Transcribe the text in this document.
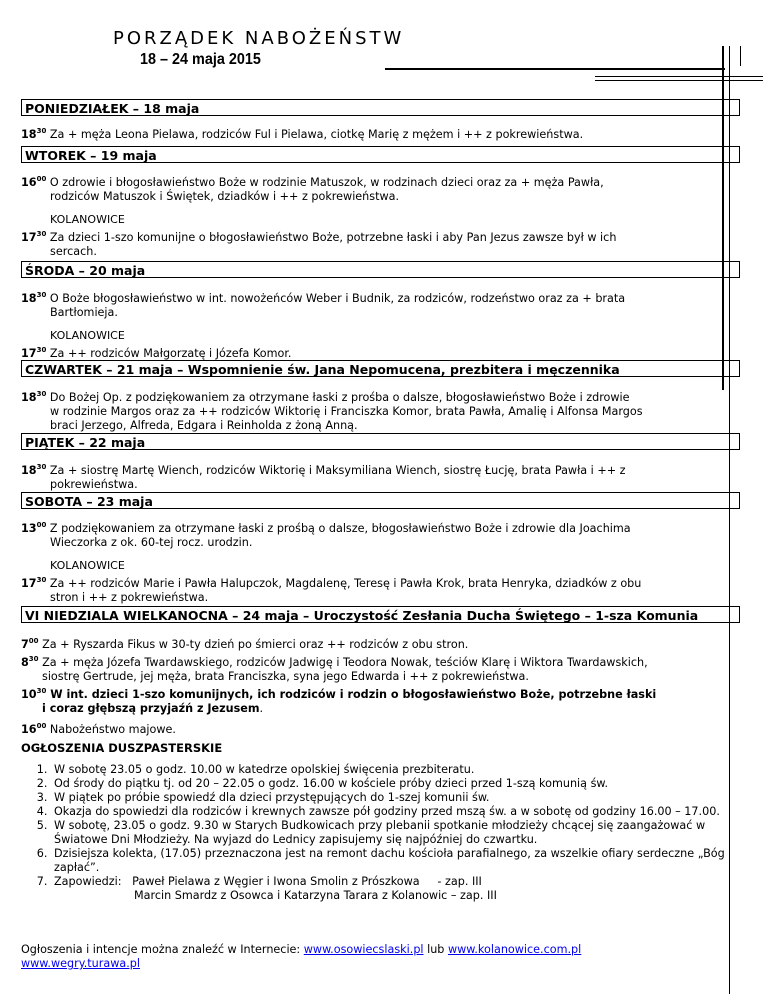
PORZĄDEK NABOŻEŃSTW
18 – 24 maja 2015
PONIEDZIAŁEK – 18 maja
$18^{30}$ Za + męża Leona Pielawa, rodziców Ful i Pielawa, ciotkę Marię z mężem i ++ z pokrewieństwa.
WTOREK – 19 maja
$16^{00}$ O zdrowie i błogosławieństwo Boże w rodzinie Matuszok, w rodzinach dzieci oraz za + męża Pawła,
rodziców Matuszok i Świętek, dziadków i ++ z pokrewieństwa.
KOLANOWICE
$17^{30}$ Za dzieci 1-szo komunijne o błogosławieństwo Boże, potrzebne łaski i aby Pan Jezus zawsze był w ich
sercach.
ŚRODA – 20 maja
$18^{30}$ O Boże błogosławieństwo w int. nowożeńców Weber i Budnik, za rodziców, rodzeństwo oraz za + brata
Bartłomieja.
KOLANOWICE
$17^{30}$ Za ++ rodziców Małgorzatę i Józefa Komor.
CZWARTEK – 21 maja – Wspomnienie św. Jana Nepomucena, prezbitera i męczennika
$18^{30}$ Do Bożej Op. z podziękowaniem za otrzymane łaski z prośba o dalsze, błogosławieństwo Boże i zdrowie
w rodzinie Margos oraz za ++ rodziców Wiktorię i Franciszka Komor, brata Pawła, Amalię i Alfonsa Margos
braci Jerzego, Alfreda, Edgara i Reinholda z żoną Anną.
PIĄTEK – 22 maja
$18^{30}$ Za + siostrę Martę Wiench, rodziców Wiktorię i Maksymiliana Wiench, siostrę Łucję, brata Pawła i ++ z
pokrewieństwa.
SOBOTA – 23 maja
$13^{00}$ Z podziękowaniem za otrzymane łaski z prośbą o dalsze, błogosławieństwo Boże i zdrowie dla Joachima
Wieczorka z ok. 60-tej rocz. urodzin.
KOLANOWICE
$17^{30}$ Za ++ rodziców Marie i Pawła Halupczok, Magdalenę, Teresę i Pawła Krok, brata Henryka, dziadków z obu
stron i ++ z pokrewieństwa.
VI NIEDZIALA WIELKANOCNA – 24 maja – Uroczystość Zesłania Ducha Świętego – 1-sza Komunia
$7^{00}$ Za + Ryszarda Fikus w 30-ty dzień po śmierci oraz ++ rodziców z obu stron.
$8^{30}$ Za + męża Józefa Twardawskiego, rodziców Jadwigę i Teodora Nowak, teściów Klarę i Wiktora Twardawskich,
siostrę Gertrude, jej męża, brata Franciszka, syna jego Edwarda i ++ z pokrewieństwa.
$10^{30}$ W int. dzieci 1-szo komunijnych, ich rodziców i rodzin o błogosławieństwo Boże, potrzebne łaski
i coraz głębszą przyjaźń z Jezusem.
$16^{00}$ Nabożeństwo majowe.
OGŁOSZENIA DUSZPASTERSKIE
1. W sobotę 23.05 o godz. 10.00 w katedrze opolskiej święcenia prezbiteratu.
2. Od środy do piątku tj. od 20 – 22.05 o godz. 16.00 w kościele próby dzieci przed 1-szą komunią św.
3. W piątek po próbie spowiedź dla dzieci przystępujących do 1-szej komunii św.
4. Okazja do spowiedzi dla rodziców i krewnych zawsze pół godziny przed mszą św. a w sobotę od godziny 16.00 – 17.00.
5. W sobotę, 23.05 o godz. 9.30 w Starych Budkowicach przy plebanii spotkanie młodzieży chcącej się zaangażować w Światowe Dni Młodzieży. Na wyjazd do Lednicy zapisujemy się najpóźniej do czwartku.
6. Dzisiejsza kolekta, (17.05) przeznaczona jest na remont dachu kościoła parafialnego, za wszelkie ofiary serdeczne „Bóg zapłać”.
7. Zapowiedzi: Paweł Pielawa z Węgier i Iwona Smolin z Prószkowa - zap. III
Marcin Smardz z Osowca i Katarzyna Tarara z Kolanowic – zap. III
Ogłoszenia i intencje można znaleźć w Internecie: www.osowiecslaski.pl lub www.kolanowice.com.pl
www.wegry.turawa.pl
